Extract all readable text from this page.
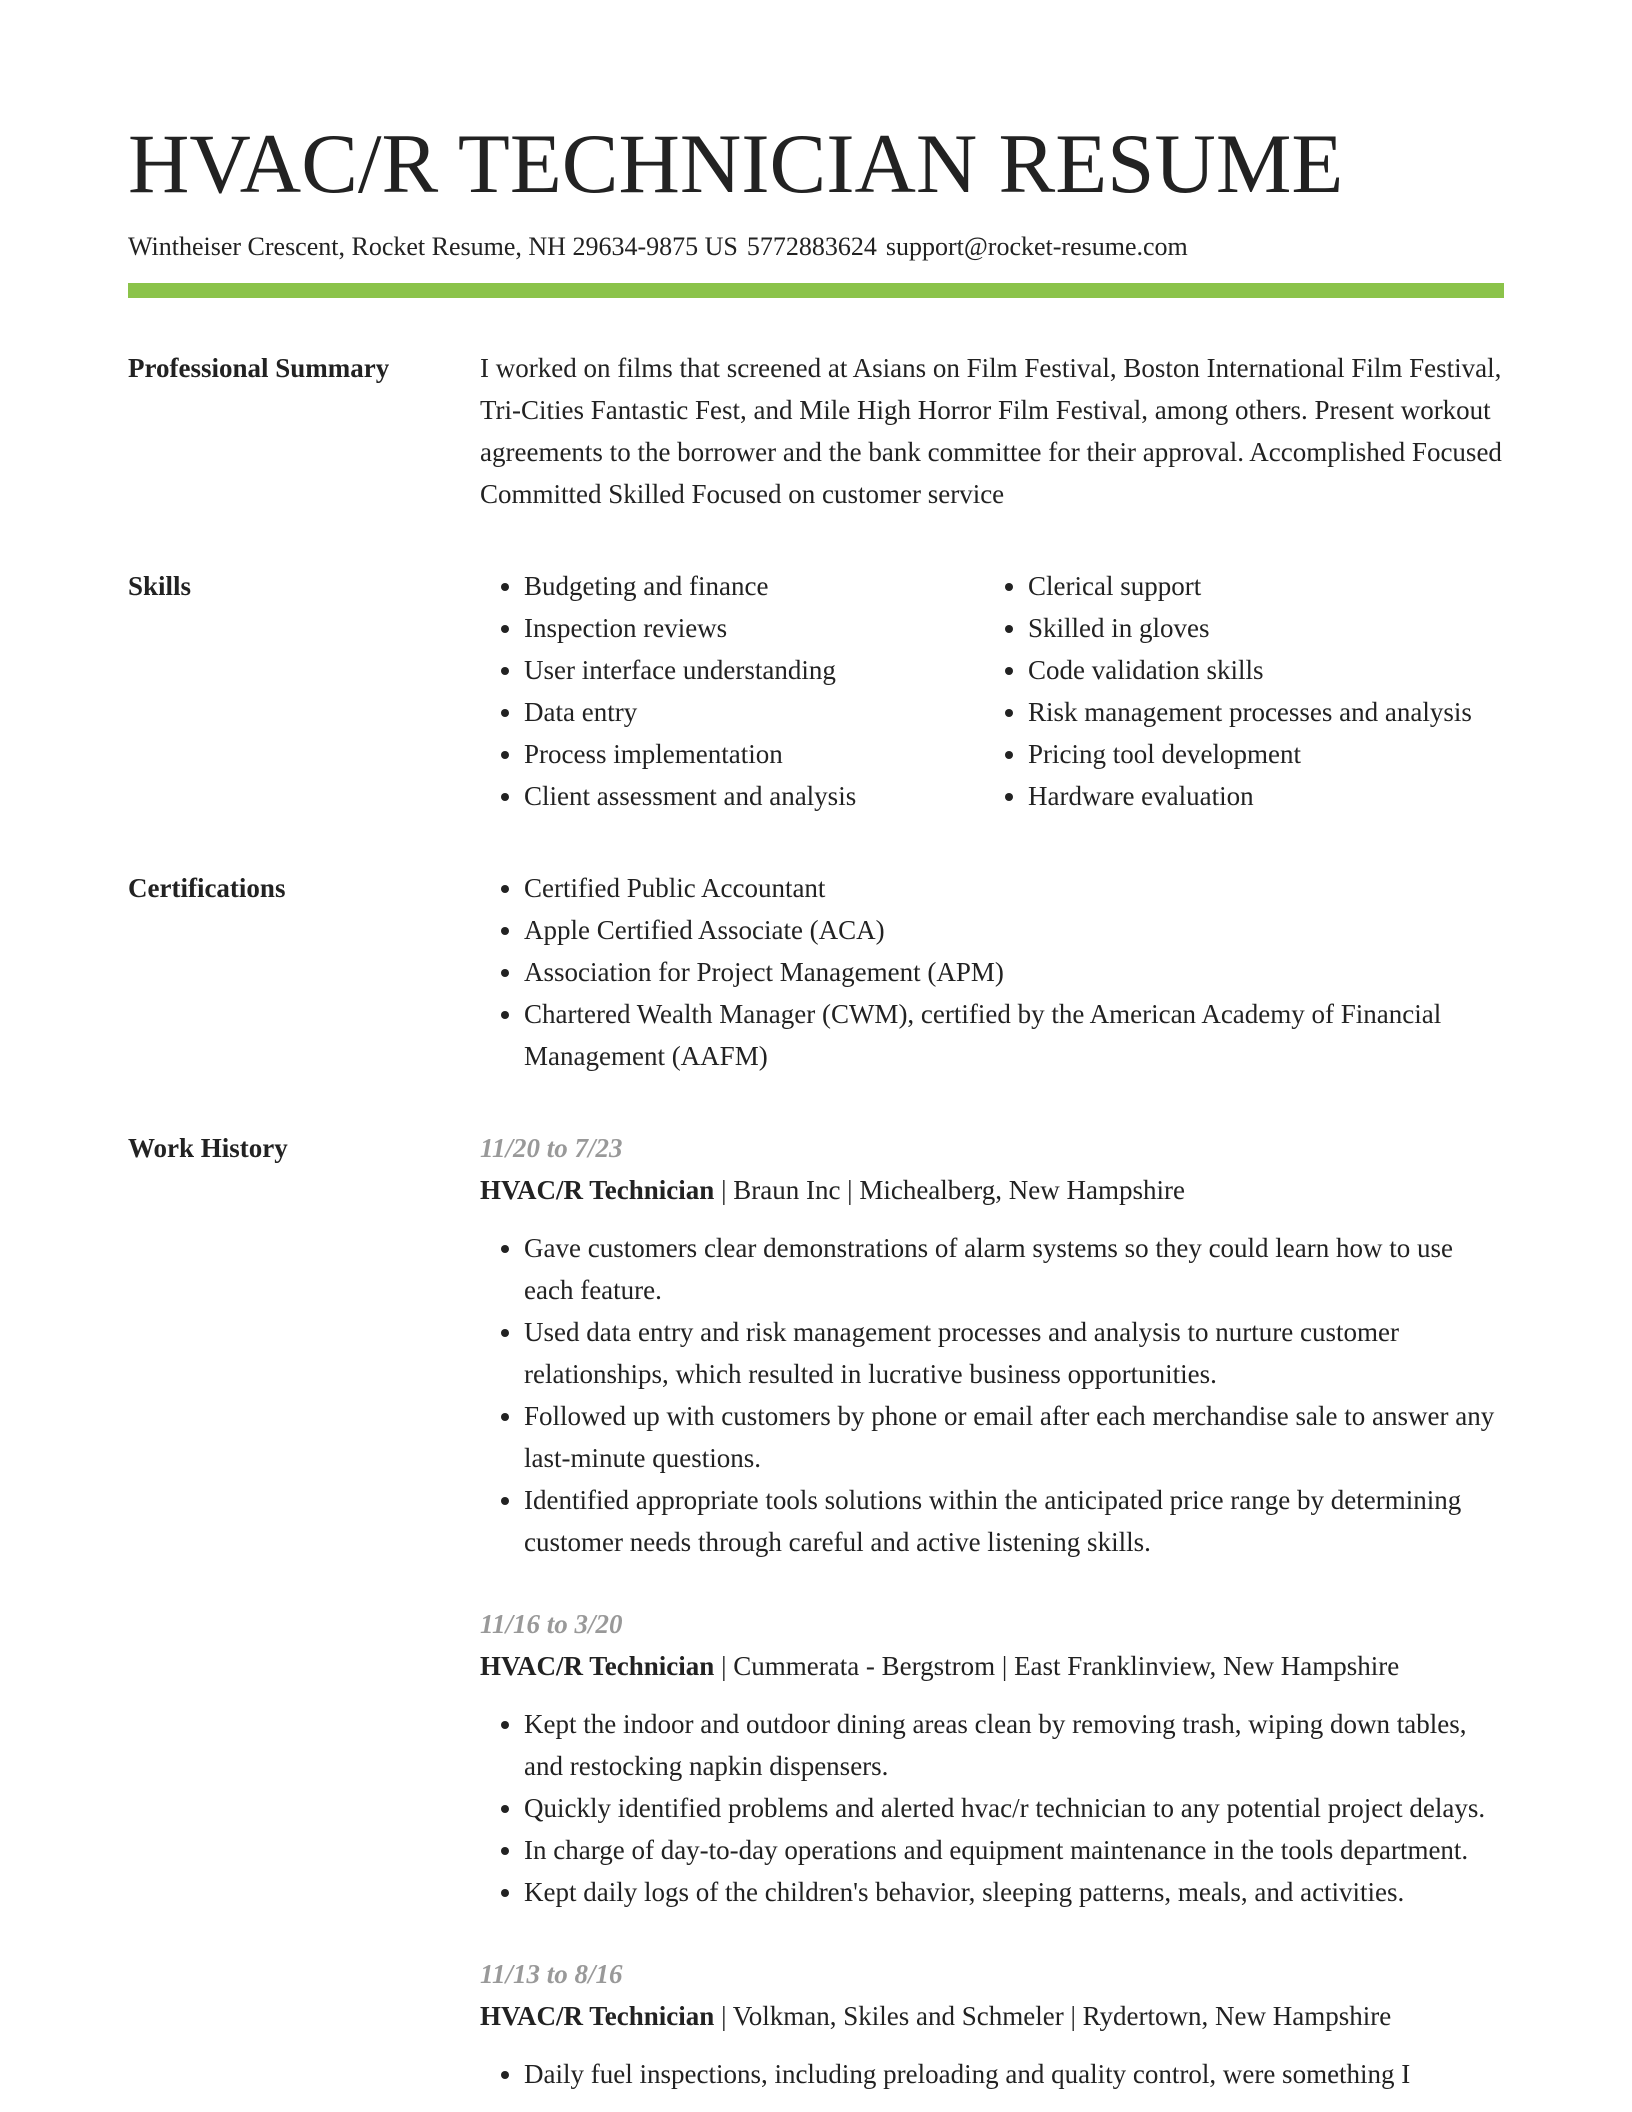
HVAC/R TECHNICIAN RESUME
Wintheiser Crescent, Rocket Resume, NH 29634-9875 US 5772883624 support@rocket-resume.com
Professional Summary	I worked on films that screened at Asians on Film Festival, Boston International Film Festival, Tri-Cities Fantastic Fest, and Mile High Horror Film Festival, among others. Present workout agreements to the borrower and the bank committee for their approval. Accomplished Focused Committed Skilled Focused on customer service

Skills	• Budgeting and finance	• Clerical support
• Inspection reviews	• Skilled in gloves
• User interface understanding	• Code validation skills
• Data entry	• Risk management processes and analysis
• Process implementation	• Pricing tool development
• Client assessment and analysis	• Hardware evaluation
Certifications	• Certified Public Accountant
• Apple Certified Associate (ACA)
• Association for Project Management (APM)
• Chartered Wealth Manager (CWM), certified by the American Academy of Financial Management (AAFM)
Work History	11/20 to 7/23
HVAC/R Technician | Braun Inc | Michealberg, New Hampshire
• Gave customers clear demonstrations of alarm systems so they could learn how to use each feature.
• Used data entry and risk management processes and analysis to nurture customer relationships, which resulted in lucrative business opportunities.
• Followed up with customers by phone or email after each merchandise sale to answer any last-minute questions.
• Identified appropriate tools solutions within the anticipated price range by determining customer needs through careful and active listening skills.
11/16 to 3/20
HVAC/R Technician | Cummerata - Bergstrom | East Franklinview, New Hampshire
• Kept the indoor and outdoor dining areas clean by removing trash, wiping down tables, and restocking napkin dispensers.
• Quickly identified problems and alerted hvac/r technician to any potential project delays.
• In charge of day-to-day operations and equipment maintenance in the tools department.
• Kept daily logs of the children's behavior, sleeping patterns, meals, and activities.
11/13 to 8/16
HVAC/R Technician | Volkman, Skiles and Schmeler | Rydertown, New Hampshire
• Daily fuel inspections, including preloading and quality control, were something I
